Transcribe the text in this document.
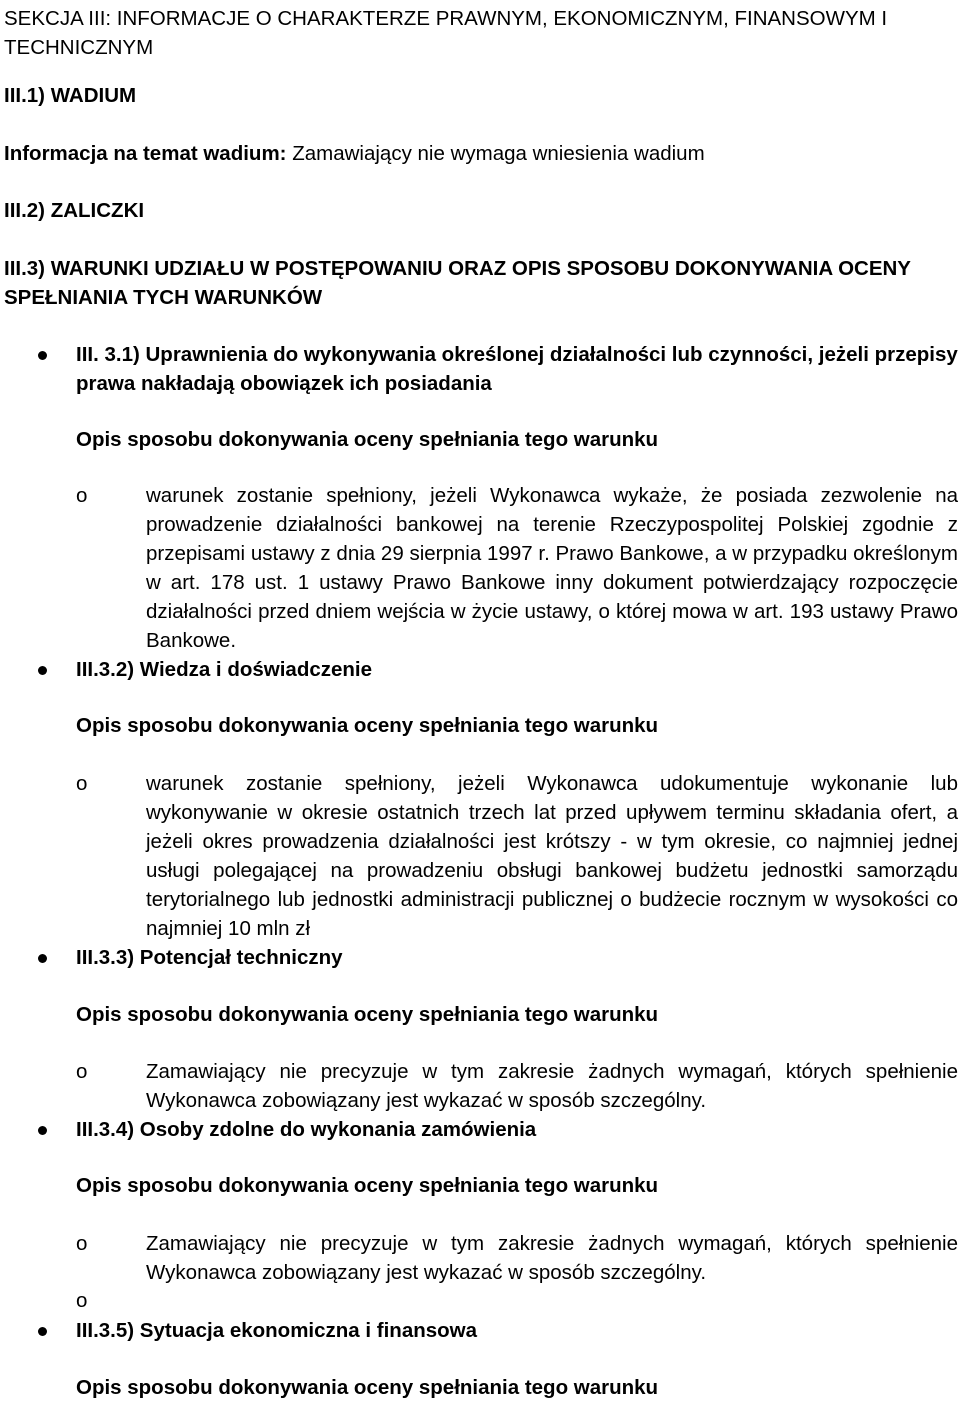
SEKCJA III: INFORMACJE O CHARAKTERZE PRAWNYM, EKONOMICZNYM, FINANSOWYM I TECHNICZNYM
III.1) WADIUM
Informacja na temat wadium: Zamawiający nie wymaga wniesienia wadium
III.2) ZALICZKI
III.3) WARUNKI UDZIAŁU W POSTĘPOWANIU ORAZ OPIS SPOSOBU DOKONYWANIA OCENY SPEŁNIANIA TYCH WARUNKÓW
III. 3.1) Uprawnienia do wykonywania określonej działalności lub czynności, jeżeli przepisy prawa nakładają obowiązek ich posiadania
Opis sposobu dokonywania oceny spełniania tego warunku
o	warunek zostanie spełniony, jeżeli Wykonawca wykaże, że posiada zezwolenie na prowadzenie działalności bankowej na terenie Rzeczypospolitej Polskiej zgodnie z przepisami ustawy z dnia 29 sierpnia 1997 r. Prawo Bankowe, a w przypadku określonym w art. 178 ust. 1 ustawy Prawo Bankowe inny dokument potwierdzający rozpoczęcie działalności przed dniem wejścia w życie ustawy, o której mowa w art. 193 ustawy Prawo Bankowe.
III.3.2) Wiedza i doświadczenie
Opis sposobu dokonywania oceny spełniania tego warunku
o	warunek zostanie spełniony, jeżeli Wykonawca udokumentuje wykonanie lub wykonywanie w okresie ostatnich trzech lat przed upływem terminu składania ofert, a jeżeli okres prowadzenia działalności jest krótszy - w tym okresie, co najmniej jednej usługi polegającej na prowadzeniu obsługi bankowej budżetu jednostki samorządu terytorialnego lub jednostki administracji publicznej o budżecie rocznym w wysokości co najmniej 10 mln zł
III.3.3) Potencjał techniczny
Opis sposobu dokonywania oceny spełniania tego warunku
o	Zamawiający nie precyzuje w tym zakresie żadnych wymagań, których spełnienie Wykonawca zobowiązany jest wykazać w sposób szczególny.
III.3.4) Osoby zdolne do wykonania zamówienia
Opis sposobu dokonywania oceny spełniania tego warunku
o	Zamawiający nie precyzuje w tym zakresie żadnych wymagań, których spełnienie Wykonawca zobowiązany jest wykazać w sposób szczególny.
o
III.3.5) Sytuacja ekonomiczna i finansowa
Opis sposobu dokonywania oceny spełniania tego warunku
